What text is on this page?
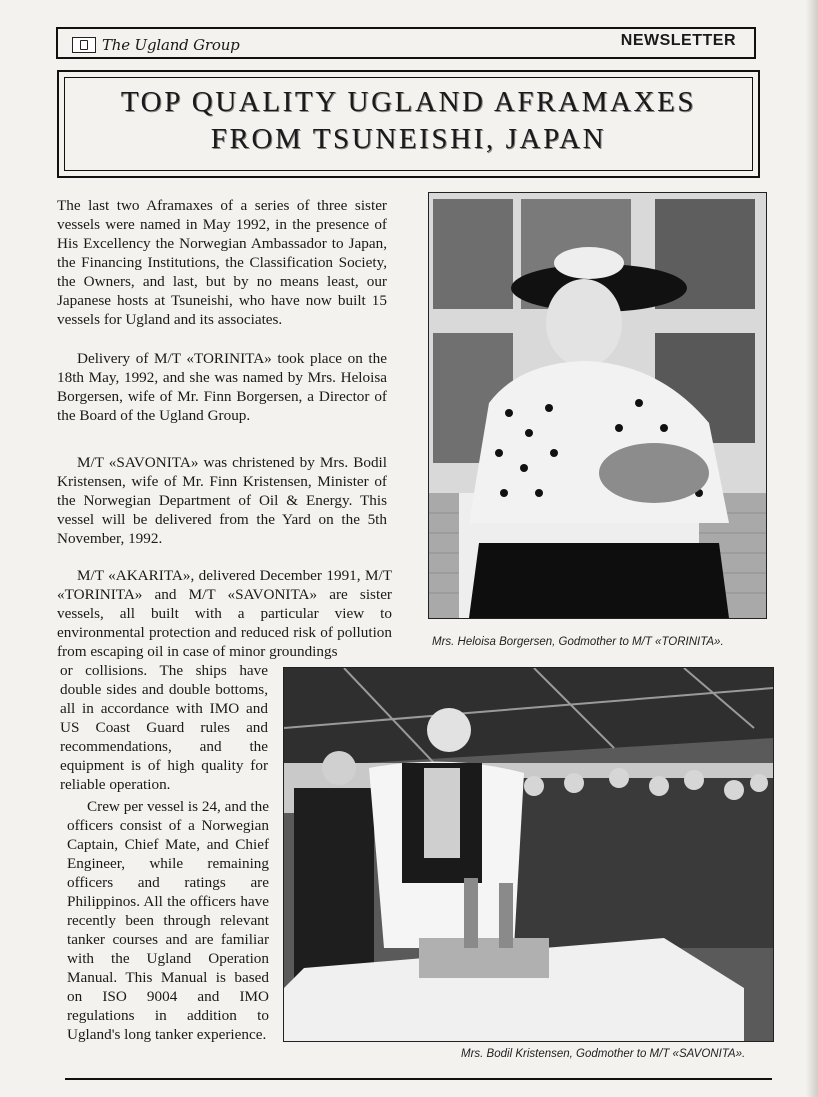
The Ugland Group	NEWSLETTER
TOP QUALITY UGLAND AFRAMAXES
FROM TSUNEISHI, JAPAN

The last two Aframaxes of a series of three sister vessels were named in May 1992, in the presence of His Excellency the Norwegian Ambassador to Japan, the Financing Institutions, the Classification Society, the Owners, and last, but by no means least, our Japanese hosts at Tsuneishi, who have now built 15 vessels for Ugland and its associates.

Delivery of M/T «TORINITA» took place on the 18th May, 1992, and she was named by Mrs. Heloisa Borgersen, wife of Mr. Finn Borgersen, a Director of the Board of the Ugland Group.

M/T «SAVONITA» was christened by Mrs. Bodil Kristensen, wife of Mr. Finn Kristensen, Minister of the Norwegian Department of Oil & Energy. This vessel will be delivered from the Yard on the 5th November, 1992.

M/T «AKARITA», delivered December 1991, M/T «TORINITA» and M/T «SAVONITA» are sister vessels, all built with a particular view to environmental protection and reduced risk of pollution from escaping oil in case of minor groundings

or collisions. The ships have double sides and double bottoms, all in accordance with IMO and US Coast Guard rules and recommendations, and the equipment is of high quality for reliable operation.

Crew per vessel is 24, and the officers consist of a Norwegian Captain, Chief Mate, and Chief Engineer, while remaining officers and ratings are Philippinos. All the officers have recently been through relevant tanker courses and are familiar with the Ugland Operation Manual. This Manual is based on ISO 9004 and IMO regulations in addition to Ugland's long tanker experience.

Mrs. Heloisa Borgersen, Godmother to M/T «TORINITA».
Mrs. Bodil Kristensen, Godmother to M/T «SAVONITA».
